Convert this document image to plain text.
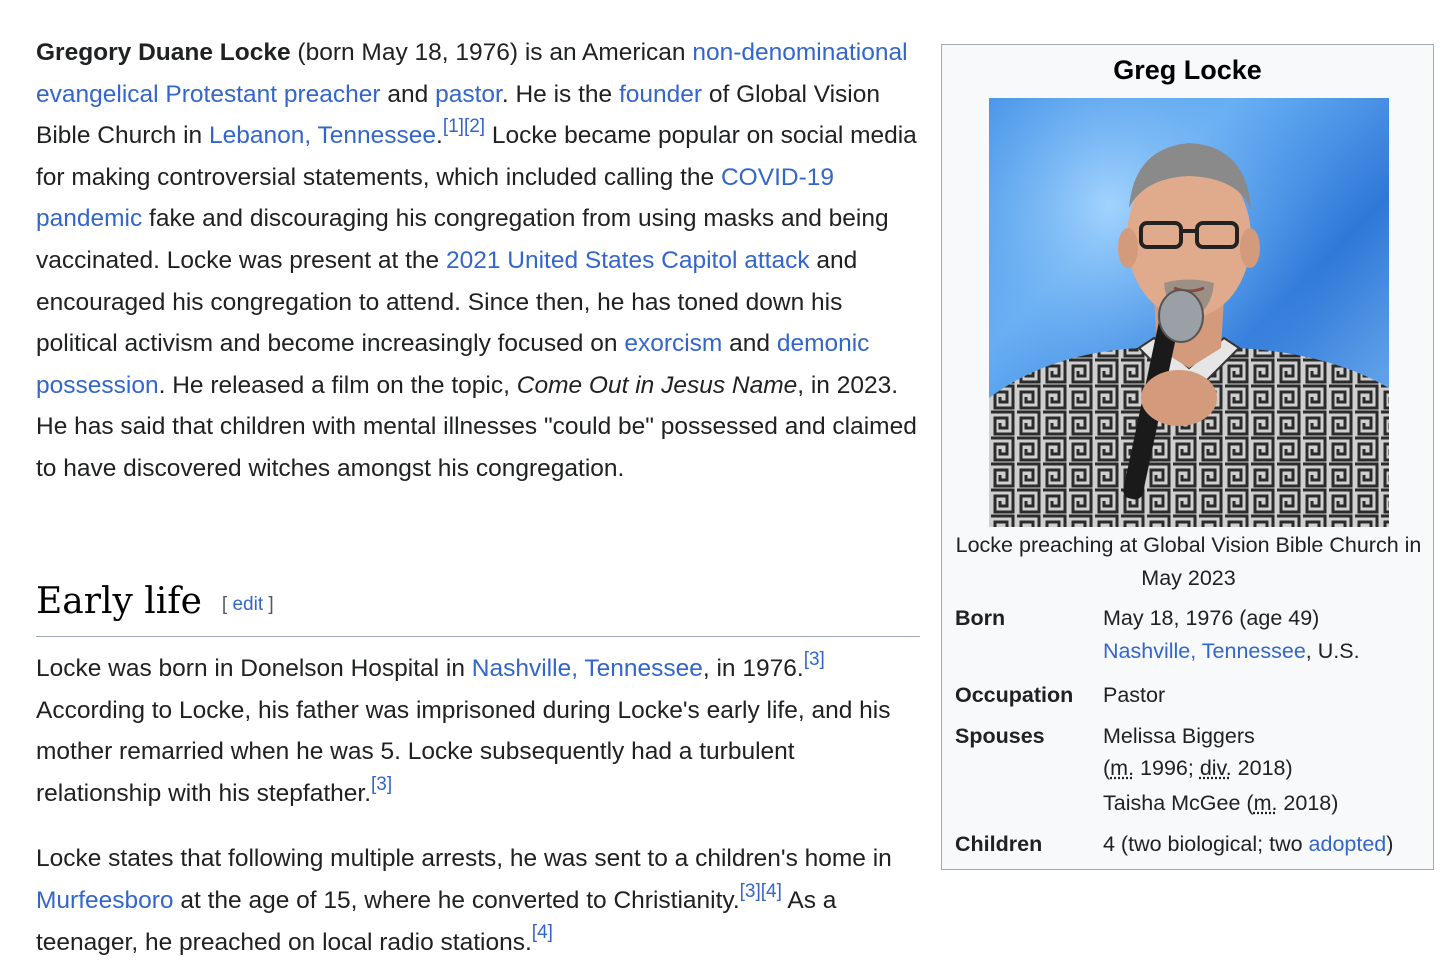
Gregory Duane Locke (born May 18, 1976) is an American non-denominational evangelical Protestant preacher and pastor. He is the founder of Global Vision Bible Church in Lebanon, Tennessee.[1][2] Locke became popular on social media for making controversial statements, which included calling the COVID-19 pandemic fake and discouraging his congregation from using masks and being vaccinated. Locke was present at the 2021 United States Capitol attack and encouraged his congregation to attend. Since then, he has toned down his political activism and become increasingly focused on exorcism and demonic possession. He released a film on the topic, Come Out in Jesus Name, in 2023. He has said that children with mental illnesses "could be" possessed and claimed to have discovered witches amongst his congregation.

Early life [ edit ]

Locke was born in Donelson Hospital in Nashville, Tennessee, in 1976.[3] According to Locke, his father was imprisoned during Locke's early life, and his mother remarried when he was 5. Locke subsequently had a turbulent relationship with his stepfather.[3]

Locke states that following multiple arrests, he was sent to a children's home in Murfeesboro at the age of 15, where he converted to Christianity.[3][4] As a teenager, he preached on local radio stations.[4]

Greg Locke
Locke preaching at Global Vision Bible Church in May 2023
Born	May 18, 1976 (age 49)
Nashville, Tennessee, U.S.
Occupation Pastor
Spouses	Melissa Biggers
(m. 1996; div. 2018)
Taisha McGee (m. 2018)
Children	4 (two biological; two adopted)
